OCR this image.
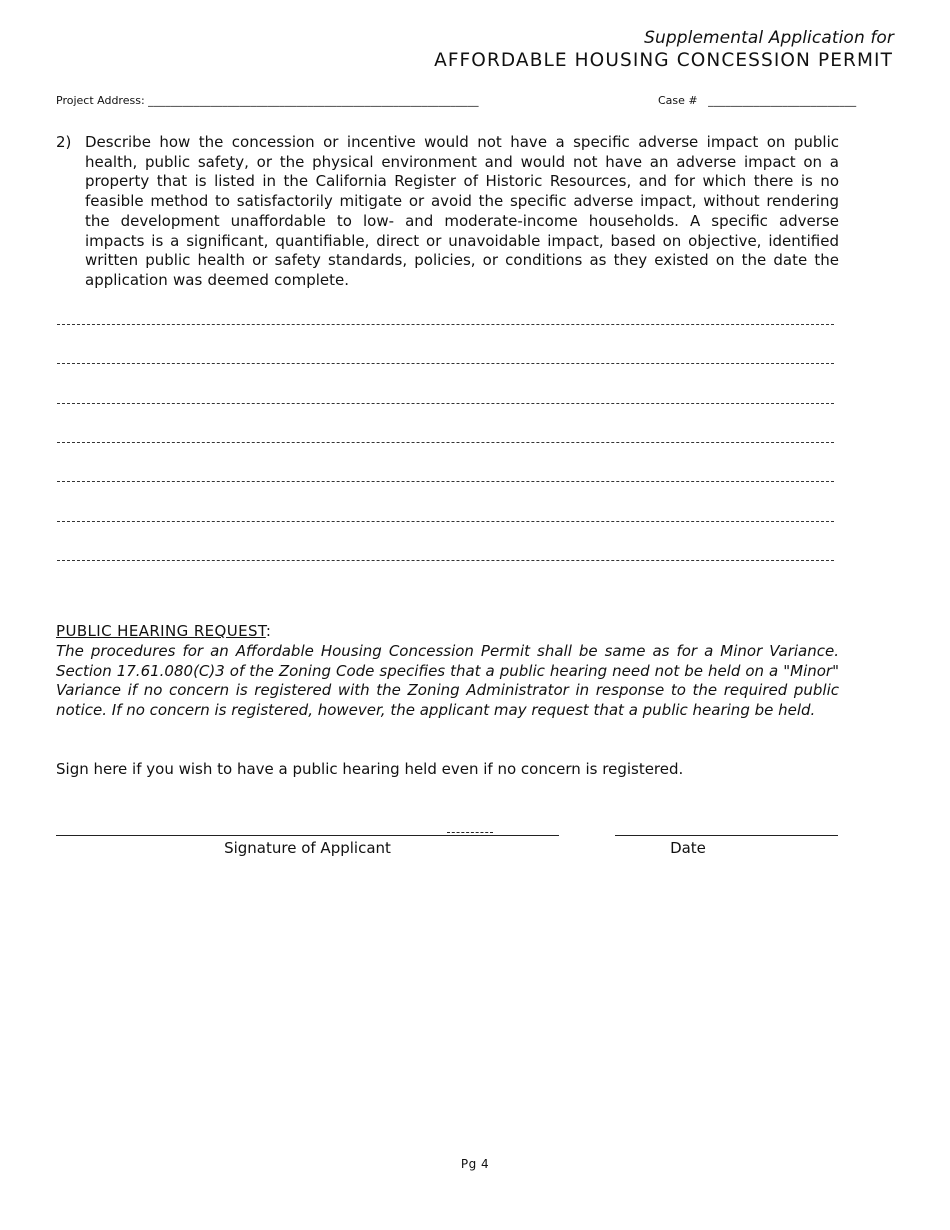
Supplemental Application for
AFFORDABLE HOUSING CONCESSION PERMIT
Project Address: __________________________________________________________	Case # __________________________
2) Describe how the concession or incentive would not have a specific adverse impact on public health, public safety, or the physical environment and would not have an adverse impact on a property that is listed in the California Register of Historic Resources, and for which there is no feasible method to satisfactorily mitigate or avoid the specific adverse impact, without rendering the development unaffordable to low- and moderate-income households. A specific adverse impacts is a significant, quantifiable, direct or unavoidable impact, based on objective, identified written public health or safety standards, policies, or conditions as they existed on the date the application was deemed complete.
PUBLIC HEARING REQUEST:
The procedures for an Affordable Housing Concession Permit shall be same as for a Minor Variance. Section 17.61.080(C)3 of the Zoning Code specifies that a public hearing need not be held on a "Minor" Variance if no concern is registered with the Zoning Administrator in response to the required public notice. If no concern is registered, however, the applicant may request that a public hearing be held.
Sign here if you wish to have a public hearing held even if no concern is registered.
Signature of Applicant	Date
Pg 4
